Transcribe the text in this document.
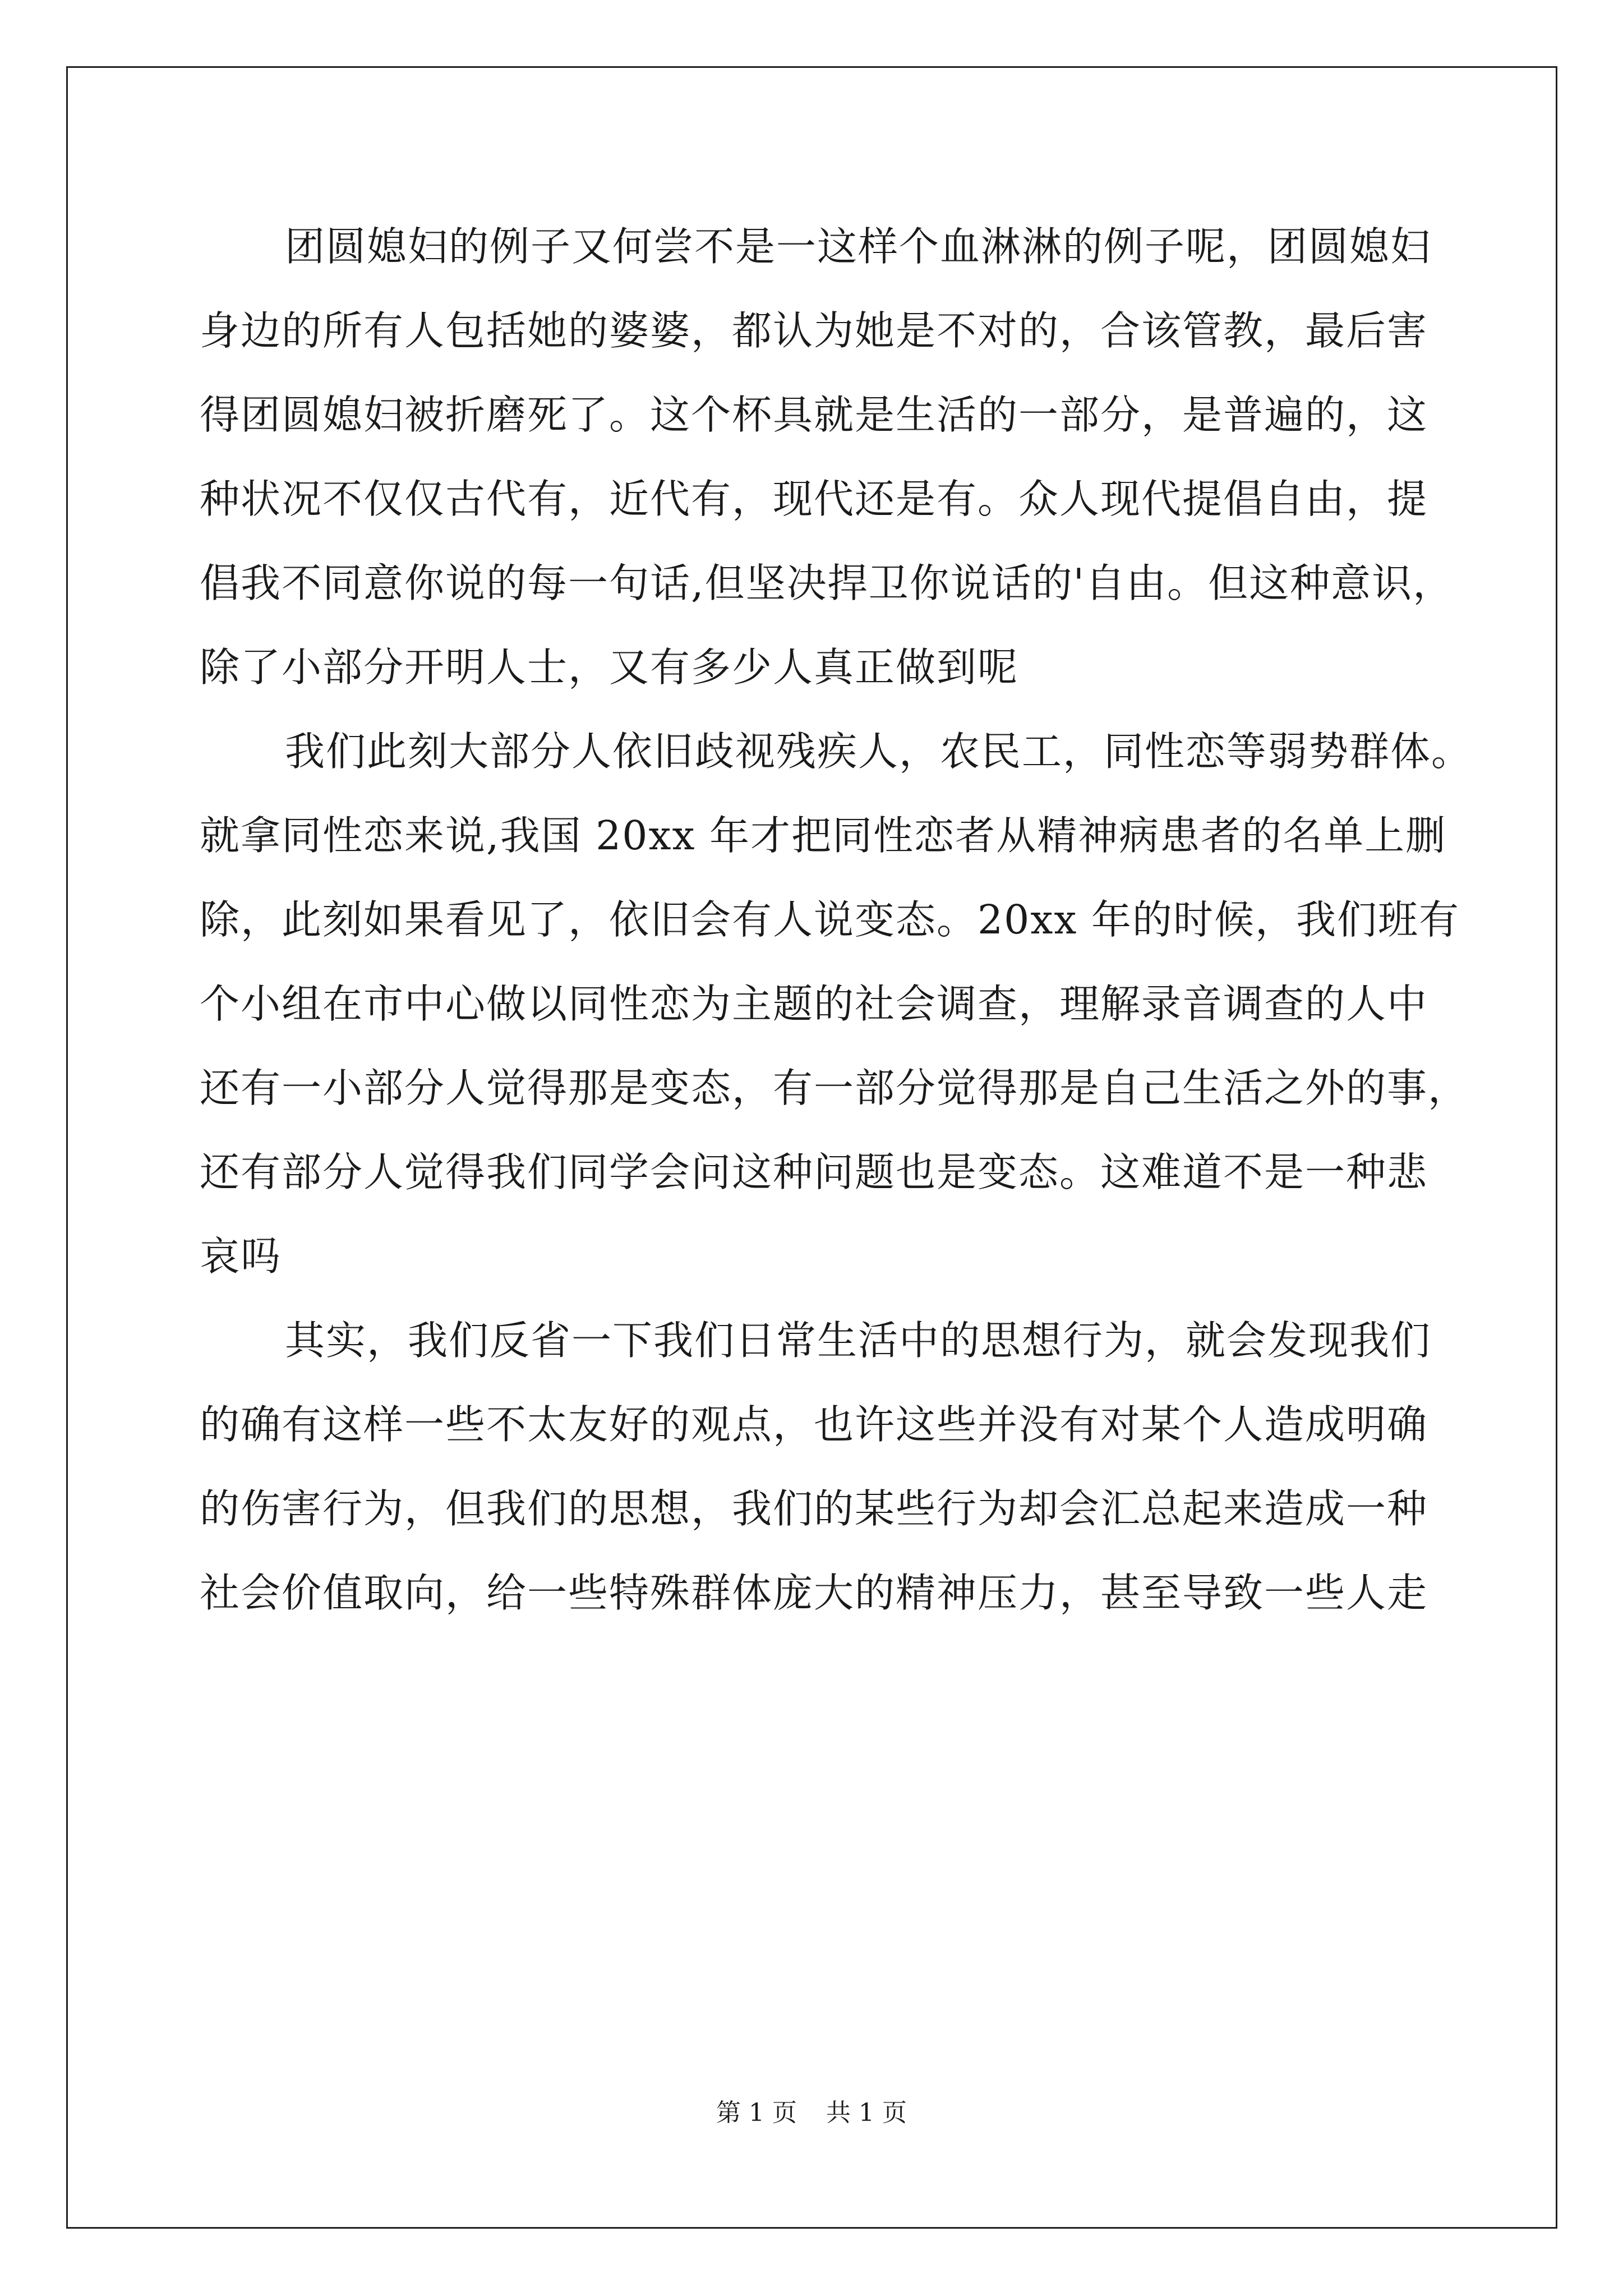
团圆媳妇的例子又何尝不是一这样个血淋淋的例子呢，团圆媳妇
身边的所有人包括她的婆婆，都认为她是不对的，合该管教，最后害
得团圆媳妇被折磨死了。这个杯具就是生活的一部分，是普遍的，这
种状况不仅仅古代有，近代有，现代还是有。众人现代提倡自由，提
倡我不同意你说的每一句话,但坚决捍卫你说话的'自由。但这种意识，
除了小部分开明人士，又有多少人真正做到呢
我们此刻大部分人依旧歧视残疾人，农民工，同性恋等弱势群体。
就拿同性恋来说,我国 20xx 年才把同性恋者从精神病患者的名单上删
除，此刻如果看见了，依旧会有人说变态。20xx 年的时候，我们班有
个小组在市中心做以同性恋为主题的社会调查，理解录音调查的人中
还有一小部分人觉得那是变态，有一部分觉得那是自己生活之外的事，
还有部分人觉得我们同学会问这种问题也是变态。这难道不是一种悲
哀吗
其实，我们反省一下我们日常生活中的思想行为，就会发现我们
的确有这样一些不太友好的观点，也许这些并没有对某个人造成明确
的伤害行为，但我们的思想，我们的某些行为却会汇总起来造成一种
社会价值取向，给一些特殊群体庞大的精神压力，甚至导致一些人走
第 1 页 共 1 页
